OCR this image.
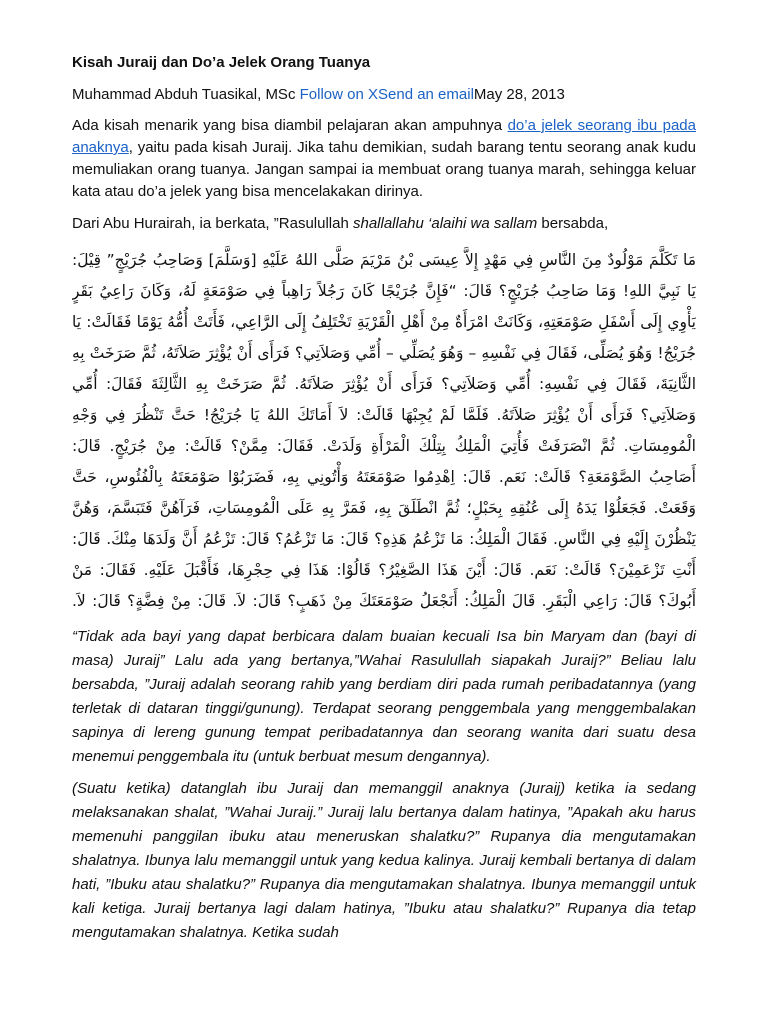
Kisah Juraij dan Do’a Jelek Orang Tuanya
Muhammad Abduh Tuasikal, MSc Follow on XSend an emailMay 28, 2013

Ada kisah menarik yang bisa diambil pelajaran akan ampuhnya do’a jelek seorang ibu pada anaknya, yaitu pada kisah Juraij. Jika tahu demikian, sudah barang tentu seorang anak kudu memuliakan orang tuanya. Jangan sampai ia membuat orang tuanya marah, sehingga keluar kata atau do’a jelek yang bisa mencelakakan dirinya.

Dari Abu Hurairah, ia berkata, ”Rasulullah shallallahu ‘alaihi wa sallam bersabda,

مَا تَكَلَّمَ مَوْلُودٌ مِنَ النَّاسِ فِي مَهْدٍ إِلاَّ عِيسَى بْنُ مَرْيَمَ صَلَّى اللهُ عَلَيْهِ [وَسَلَّمَ] وَصَاحِبُ جُرَيْجٍ” قِيْلَ: يَا نَبِيَّ اللهِ! وَمَا صَاحِبُ جُرَيْجٍ؟ قَالَ: “فَإِنَّ جُرَيْجًا كَانَ رَجُلاً رَاهِباً فِي صَوْمَعَةٍ لَهُ، وَكَانَ رَاعِيُ بَقَرٍ يَأْوِي إِلَى أَسْفَلِ صَوْمَعَتِهِ، وَكَانَتْ امْرَأَةٌ مِنْ أَهْلِ الْقَرْيَةِ تَخْتَلِفُ إِلَى الرَّاعِي، فَأَتَتْ أُمُّهُ يَوْمًا فَقَالَتْ: يَا جُرَيْجُ! وَهُوَ يُصَلِّى، فَقَالَ فِي نَفْسِهِ – وَهُوَ يُصَلِّي – أُمِّي وَصَلاَتِي؟ فَرَأَى أَنْ يُؤْثِرَ صَلاَتَهُ، ثُمَّ صَرَخَتْ بِهِ الثَّانِيَةَ، فَقَالَ فِي نَفْسِهِ: أُمِّي وَصَلاَتِي؟ فَرَأَى أَنْ يُؤْثِرَ صَلاَتَهُ. ثُمَّ صَرَخَتْ بِهِ الثَّالِثَةَ فَقَالَ: أُمِّي وَصَلاَتِي؟ فَرَأَى أَنْ يُؤْثِرَ صَلاَتَهُ. فَلَمَّا لَمْ يُجِبْهَا قَالَتْ: لاَ أَمَاتَكَ اللهُ يَا جُرَيْجُ! حَتَّ تَنْظُرَ فِي وَجْهِ الْمُومِسَاتِ. ثُمَّ انْصَرَفَتْ فَأُتِيَ الْمَلِكُ بِتِلْكَ الْمَرْأَةِ وَلَدَتْ. فَقَالَ: مِمَّنْ؟ قَالَتْ: مِنْ جُرَيْجٍ. قَالَ: أَصَاحِبُ الصَّوْمَعَةِ؟ قَالَتْ: نَعَم. قَالَ: اِهْدِمُوا صَوْمَعَتَهُ وَأْتُونِي بِهِ، فَضَرَبُوْا صَوْمَعَتَهُ بِالْفُئُوسِ، حَتَّ وَقَعَتْ. فَجَعَلُوْا يَدَهُ إِلَى عُنُقِهِ بِحَبْلٍ؛ ثُمَّ انْطَلَقَ بِهِ، فَمَرَّ بِهِ عَلَى الْمُومِسَاتِ، فَرَآهُنَّ فَتَبَسَّمَ، وَهُنَّ يَنْظُرْنَ إِلَيْهِ فِي النَّاسِ. فَقَالَ الْمَلِكُ: مَا تَزْعُمُ هَذِهِ؟ قَالَ: مَا تَزْعُمُ؟ قَالَ: تَزْعُمُ أَنَّ وَلَدَهَا مِنْكَ. قَالَ: أَنْتِ تَزْعَمِيْنَ؟ قَالَتْ: نَعَم. قَالَ: أَيْنَ هَذَا الصَّغِيْرُ؟ قَالُوْا: هَذَا فِي حِجْرِهَا، فَأَقْبَلَ عَلَيْهِ. فَقَالَ: مَنْ أَبُوكَ؟ قَالَ: رَاعِي الْبَقَرِ. قَالَ الْمَلِكُ: أَنَجْعَلُ صَوْمَعَتَكَ مِنْ ذَهَبٍ؟ قَالَ: لاَ. قَالَ: مِنْ فِضَّةٍ؟ قَالَ: لاَ.

“Tidak ada bayi yang dapat berbicara dalam buaian kecuali Isa bin Maryam dan (bayi di masa) Juraij” Lalu ada yang bertanya,”Wahai Rasulullah siapakah Juraij?” Beliau lalu bersabda, ”Juraij adalah seorang rahib yang berdiam diri pada rumah peribadatannya (yang terletak di dataran tinggi/gunung). Terdapat seorang penggembala yang menggembalakan sapinya di lereng gunung tempat peribadatannya dan seorang wanita dari suatu desa menemui penggembala itu (untuk berbuat mesum dengannya).

(Suatu ketika) datanglah ibu Juraij dan memanggil anaknya (Juraij) ketika ia sedang melaksanakan shalat, ”Wahai Juraij.” Juraij lalu bertanya dalam hatinya, ”Apakah aku harus memenuhi panggilan ibuku atau meneruskan shalatku?” Rupanya dia mengutamakan shalatnya. Ibunya lalu memanggil untuk yang kedua kalinya. Juraij kembali bertanya di dalam hati, ”Ibuku atau shalatku?” Rupanya dia mengutamakan shalatnya. Ibunya memanggil untuk kali ketiga. Juraij bertanya lagi dalam hatinya, ”Ibuku atau shalatku?” Rupanya dia tetap mengutamakan shalatnya. Ketika sudah
